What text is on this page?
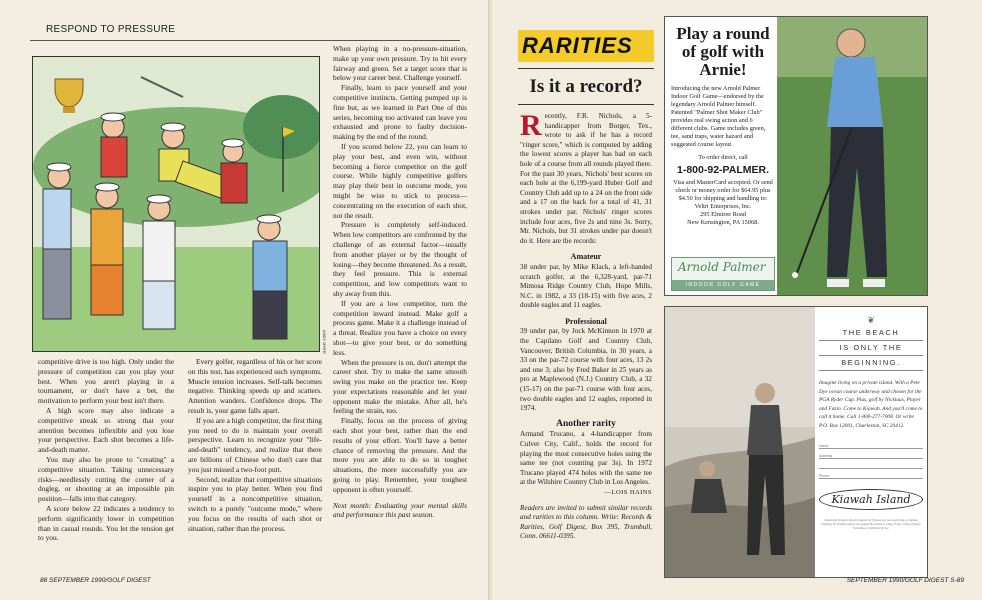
RESPOND TO PRESSURE
ANDY MYER

competitive drive is too high. Only under the pressure of competition can you play your best. When you aren't playing in a tournament, or don't have a bet, the motivation to perform your best isn't there.

A high score may also indicate a competitive streak so strong that your attention becomes inflexible and you lose your perspective. Each shot becomes a life-and-death matter.

You may also be prone to "creating" a competitive situation. Taking unnecessary risks—needlessly cutting the corner of a dogleg, or shooting at an impossible pin position—falls into that category.

A score below 22 indicates a tendency to perform significantly lower in competition than in casual rounds. You let the tension get to you.

Every golfer, regardless of his or her score on this test, has experienced such symptoms. Muscle tension increases. Self-talk becomes negative. Thinking speeds up and scatters. Attention wanders. Confidence drops. The result is, your game falls apart.

If you are a high competitor, the first thing you need to do is maintain your overall perspective. Learn to recognize your "life-and-death" tendency, and realize that there are billions of Chinese who don't care that you just missed a two-foot putt.

Second, realize that competitive situations inspire you to play better. When you find yourself in a noncompetitive situation, switch to a purely "outcome mode," where you focus on the results of each shot or situation, rather than the process.

When playing in a no-pressure-situation, make up your own pressure. Try to hit every fairway and green. Set a target score that is below your career best. Challenge yourself.

Finally, learn to pace yourself and your competitive instincts. Getting pumped up is fine but, as we learned in Part One of this series, becoming too activated can leave you exhausted and prone to faulty decision-making by the end of the round.

If you scored below 22, you can learn to play your best, and even win, without becoming a fierce competitor on the golf course. While highly competitive golfers may play their best in outcome mode, you might be wise to stick to process—concentrating on the execution of each shot, not the result.

Pressure is completely self-induced. When low competitors are confronted by the challenge of an external factor—usually from another player or by the thought of losing—they become threatened. As a result, they feel pressure. This is external competition, and low competitors want to shy away from this.

If you are a low competitor, turn the competition inward instead. Make golf a process game. Make it a challenge instead of a threat. Realize you have a choice on every shot—to give your best, or do something less.

When the pressure is on, don't attempt the career shot. Try to make the same smooth swing you make on the practice tee. Keep your expectations reasonable and let your opponent make the mistake. After all, he's feeling the strain, too.

Finally, focus on the process of giving each shot your best, rather than the end results of your effort. You'll have a better chance of removing the pressure. And the more you are able to do so in tougher situations, the more successfully you are going to play. Remember, your toughest opponent is often yourself.

Next month: Evaluating your mental skills and performance this past season.

88 SEPTEMBER 1990/GOLF DIGEST
RARITIES
Is it a record?

Recently, F.R. Nichols, a 5-handicapper from Borger, Tex., wrote to ask if he has a record "ringer score," which is computed by adding the lowest scores a player has had on each hole of a course from all rounds played there. For the past 30 years, Nichols' best scores on each hole at the 6,199-yard Huber Golf and Country Club add up to a 24 on the front side and a 17 on the back for a total of 41, 31 strokes under par. Nichols' ringer scores include four aces, five 2s and nine 3s. Sorry, Mr. Nichols, but 31 strokes under par doesn't do it. Here are the records:

Amateur

38 under par, by Mike Klack, a left-handed scratch golfer, at the 6,328-yard, par-71 Mimosa Ridge Country Club, Hope Mills, N.C. in 1982, a 33 (18-15) with five aces, 2 double eagles and 11 eagles.

Professional

39 under par, by Jock McKinnon in 1970 at the Capilano Golf and Country Club, Vancouver, British Columbia, in 30 years, a 33 on the par-72 course with four aces, 13 2s and one 3; also by Fred Baker in 25 years as pro at Maplewood (N.J.) Country Club, a 32 (15-17) on the par-71 course with four aces, two double eagles and 12 eagles, reported in 1974.

Another rarity

Armand Trucano, a 4-handicapper from Culver City, Calif., holds the record for playing the most consecutive holes using the same tee (not counting par 3s). In 1972 Trucano played 474 holes with the same tee at the Wilshire Country Club in Los Angeles.

—LOIS HAINS

Readers are invited to submit similar records and rarities to this column. Write: Records & Rarities, Golf Digest, Box 395, Trumbull, Conn. 06611-0395.

Play a round of golf with Arnie!
Introducing the new Arnold Palmer Indoor Golf Game—endorsed by the legendary Arnold Palmer himself. Patented "Palmer Shot Maker Club" provides real swing action and 6 different clubs. Game includes green, tee, sand traps, water hazard and suggested course layout.
To order direct, call
1-800-92-PALMER.
Visa and MasterCard accepted. Or send check or money order for $64.95 plus $4.50 for shipping and handling to:
Veltri Enterprises, Inc.
295 Elmtree Road
New Kensington, PA 15068.
Arnold Palmer
INDOOR GOLF GAME
❦
THE BEACH
IS ONLY THE
BEGINNING.
Imagine living on a private island. With a Pete Dye ocean course underway and chosen for the PGA Ryder Cup. Plus, golf by Nicklaus, Player and Fazio. Come to Kiawah. And you'll come to call it home. Call 1-800-277-7008. Or write P.O. Box 12001, Charleston, SC 29412.
Name
Address
Phone
Kiawah Island
Obtain the Property Report required by Federal law and read it before signing anything. No Federal agency has judged the merits or value, if any, of this property. Void where prohibited by law.
SEPTEMBER 1990/GOLF DIGEST S-89
